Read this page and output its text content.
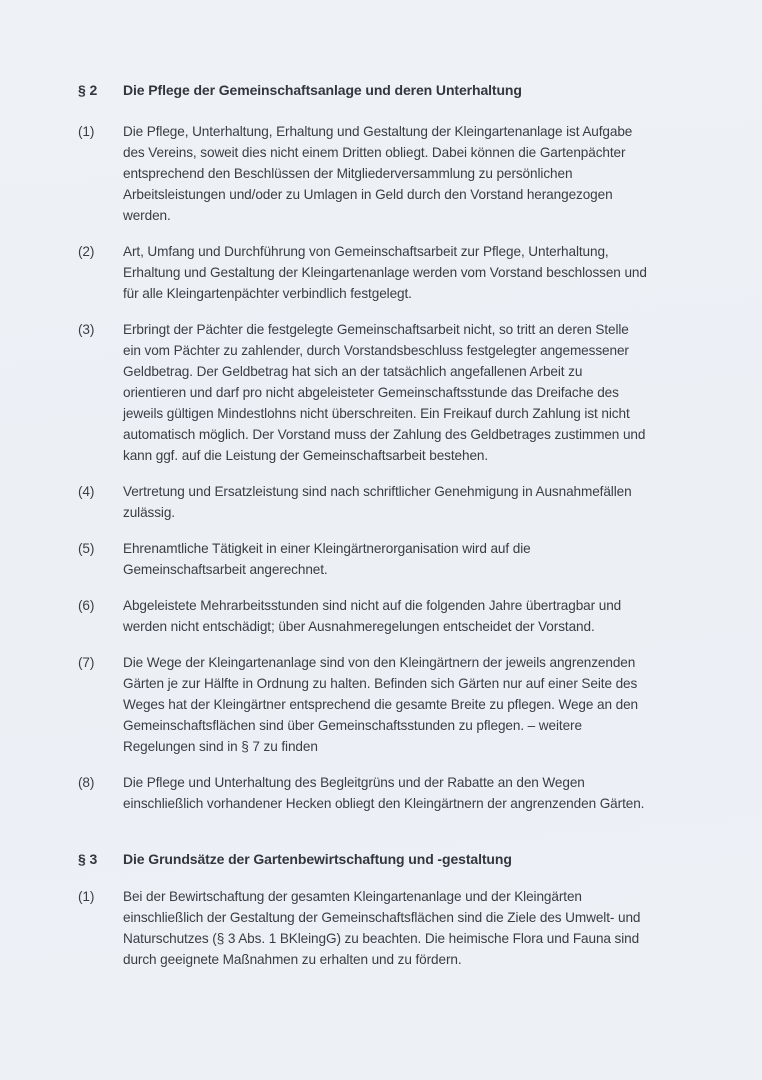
§ 2	Die Pflege der Gemeinschaftsanlage und deren Unterhaltung
(1)	Die Pflege, Unterhaltung, Erhaltung und Gestaltung der Kleingartenanlage ist Aufgabe
des Vereins, soweit dies nicht einem Dritten obliegt. Dabei können die Gartenpächter
entsprechend den Beschlüssen der Mitgliederversammlung zu persönlichen
Arbeitsleistungen und/oder zu Umlagen in Geld durch den Vorstand herangezogen
werden.
(2)	Art, Umfang und Durchführung von Gemeinschaftsarbeit zur Pflege, Unterhaltung,
Erhaltung und Gestaltung der Kleingartenanlage werden vom Vorstand beschlossen und
für alle Kleingartenpächter verbindlich festgelegt.
(3)	Erbringt der Pächter die festgelegte Gemeinschaftsarbeit nicht, so tritt an deren Stelle
ein vom Pächter zu zahlender, durch Vorstandsbeschluss festgelegter angemessener
Geldbetrag. Der Geldbetrag hat sich an der tatsächlich angefallenen Arbeit zu
orientieren und darf pro nicht abgeleisteter Gemeinschaftsstunde das Dreifache des
jeweils gültigen Mindestlohns nicht überschreiten. Ein Freikauf durch Zahlung ist nicht
automatisch möglich. Der Vorstand muss der Zahlung des Geldbetrages zustimmen und
kann ggf. auf die Leistung der Gemeinschaftsarbeit bestehen.
(4)	Vertretung und Ersatzleistung sind nach schriftlicher Genehmigung in Ausnahmefällen
zulässig.
(5)	Ehrenamtliche Tätigkeit in einer Kleingärtnerorganisation wird auf die
Gemeinschaftsarbeit angerechnet.
(6)	Abgeleistete Mehrarbeitsstunden sind nicht auf die folgenden Jahre übertragbar und
werden nicht entschädigt; über Ausnahmeregelungen entscheidet der Vorstand.
(7)	Die Wege der Kleingartenanlage sind von den Kleingärtnern der jeweils angrenzenden
Gärten je zur Hälfte in Ordnung zu halten. Befinden sich Gärten nur auf einer Seite des
Weges hat der Kleingärtner entsprechend die gesamte Breite zu pflegen. Wege an den
Gemeinschaftsflächen sind über Gemeinschaftsstunden zu pflegen. – weitere
Regelungen sind in § 7 zu finden
(8)	Die Pflege und Unterhaltung des Begleitgrüns und der Rabatte an den Wegen
einschließlich vorhandener Hecken obliegt den Kleingärtnern der angrenzenden Gärten.
§ 3	Die Grundsätze der Gartenbewirtschaftung und -gestaltung
(1)	Bei der Bewirtschaftung der gesamten Kleingartenanlage und der Kleingärten
einschließlich der Gestaltung der Gemeinschaftsflächen sind die Ziele des Umwelt- und
Naturschutzes (§ 3 Abs. 1 BKleingG) zu beachten. Die heimische Flora und Fauna sind
durch geeignete Maßnahmen zu erhalten und zu fördern.
